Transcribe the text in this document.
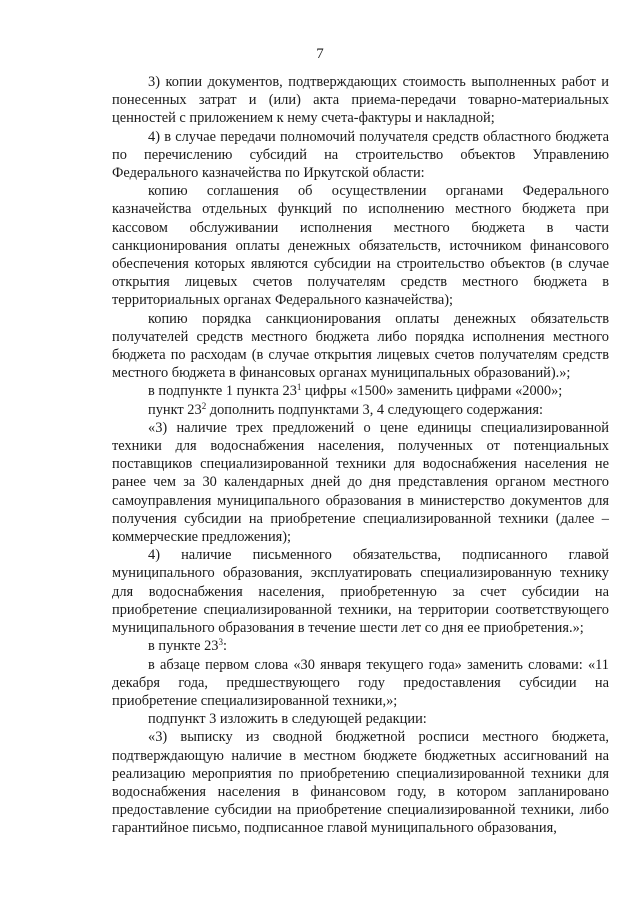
7

3) копии документов, подтверждающих стоимость выполненных работ и понесенных затрат и (или) акта приема-передачи товарно-материальных ценностей с приложением к нему счета-фактуры и накладной;

4) в случае передачи полномочий получателя средств областного бюджета по перечислению субсидий на строительство объектов Управлению Федерального казначейства по Иркутской области:

копию соглашения об осуществлении органами Федерального казначейства отдельных функций по исполнению местного бюджета при кассовом обслуживании исполнения местного бюджета в части санкционирования оплаты денежных обязательств, источником финансового обеспечения которых являются субсидии на строительство объектов (в случае открытия лицевых счетов получателям средств местного бюджета в территориальных органах Федерального казначейства);

копию порядка санкционирования оплаты денежных обязательств получателей средств местного бюджета либо порядка исполнения местного бюджета по расходам (в случае открытия лицевых счетов получателям средств местного бюджета в финансовых органах муниципальных образований).»;

в подпункте 1 пункта $23^1$ цифры «1500» заменить цифрами «2000»;

пункт $23^2$ дополнить подпунктами 3, 4 следующего содержания:

«3) наличие трех предложений о цене единицы специализированной техники для водоснабжения населения, полученных от потенциальных поставщиков специализированной техники для водоснабжения населения не ранее чем за 30 календарных дней до дня представления органом местного самоуправления муниципального образования в министерство документов для получения субсидии на приобретение специализированной техники (далее – коммерческие предложения);

4) наличие письменного обязательства, подписанного главой муниципального образования, эксплуатировать специализированную технику для водоснабжения населения, приобретенную за счет субсидии на приобретение специализированной техники, на территории соответствующего муниципального образования в течение шести лет со дня ее приобретения.»;

в пункте $23^3$:

в абзаце первом слова «30 января текущего года» заменить словами: «11 декабря года, предшествующего году предоставления субсидии на приобретение специализированной техники,»;

подпункт 3 изложить в следующей редакции:

«3) выписку из сводной бюджетной росписи местного бюджета, подтверждающую наличие в местном бюджете бюджетных ассигнований на реализацию мероприятия по приобретению специализированной техники для водоснабжения населения в финансовом году, в котором запланировано предоставление субсидии на приобретение специализированной техники, либо гарантийное письмо, подписанное главой муниципального образования,
